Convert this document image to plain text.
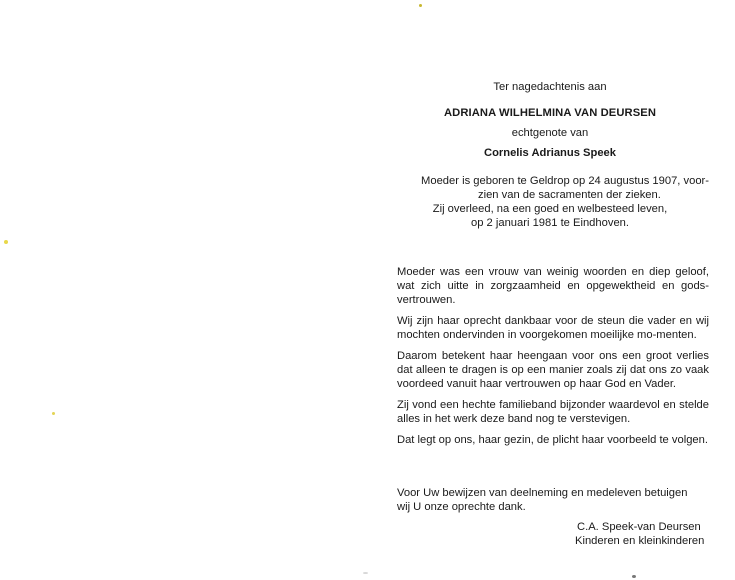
Ter nagedachtenis aan
ADRIANA WILHELMINA VAN DEURSEN
echtgenote van
Cornelis Adrianus Speek

Moeder is geboren te Geldrop op 24 augustus 1907, voor-

zien van de sacramenten der zieken.

Zij overleed, na een goed en welbesteed leven,

op 2 januari 1981 te Eindhoven.

Moeder was een vrouw van weinig woorden en diep geloof, wat zich uitte in zorgzaamheid en opgewektheid en gods-vertrouwen.

Wij zijn haar oprecht dankbaar voor de steun die vader en wij mochten ondervinden in voorgekomen moeilijke mo-menten.

Daarom betekent haar heengaan voor ons een groot verlies dat alleen te dragen is op een manier zoals zij dat ons zo vaak voordeed vanuit haar vertrouwen op haar God en Vader.

Zij vond een hechte familieband bijzonder waardevol en stelde alles in het werk deze band nog te verstevigen.

Dat legt op ons, haar gezin, de plicht haar voorbeeld te volgen.

Voor Uw bewijzen van deelneming en medeleven betuigen

wij U onze oprechte dank.

C.A. Speek-van Deursen

Kinderen en kleinkinderen
